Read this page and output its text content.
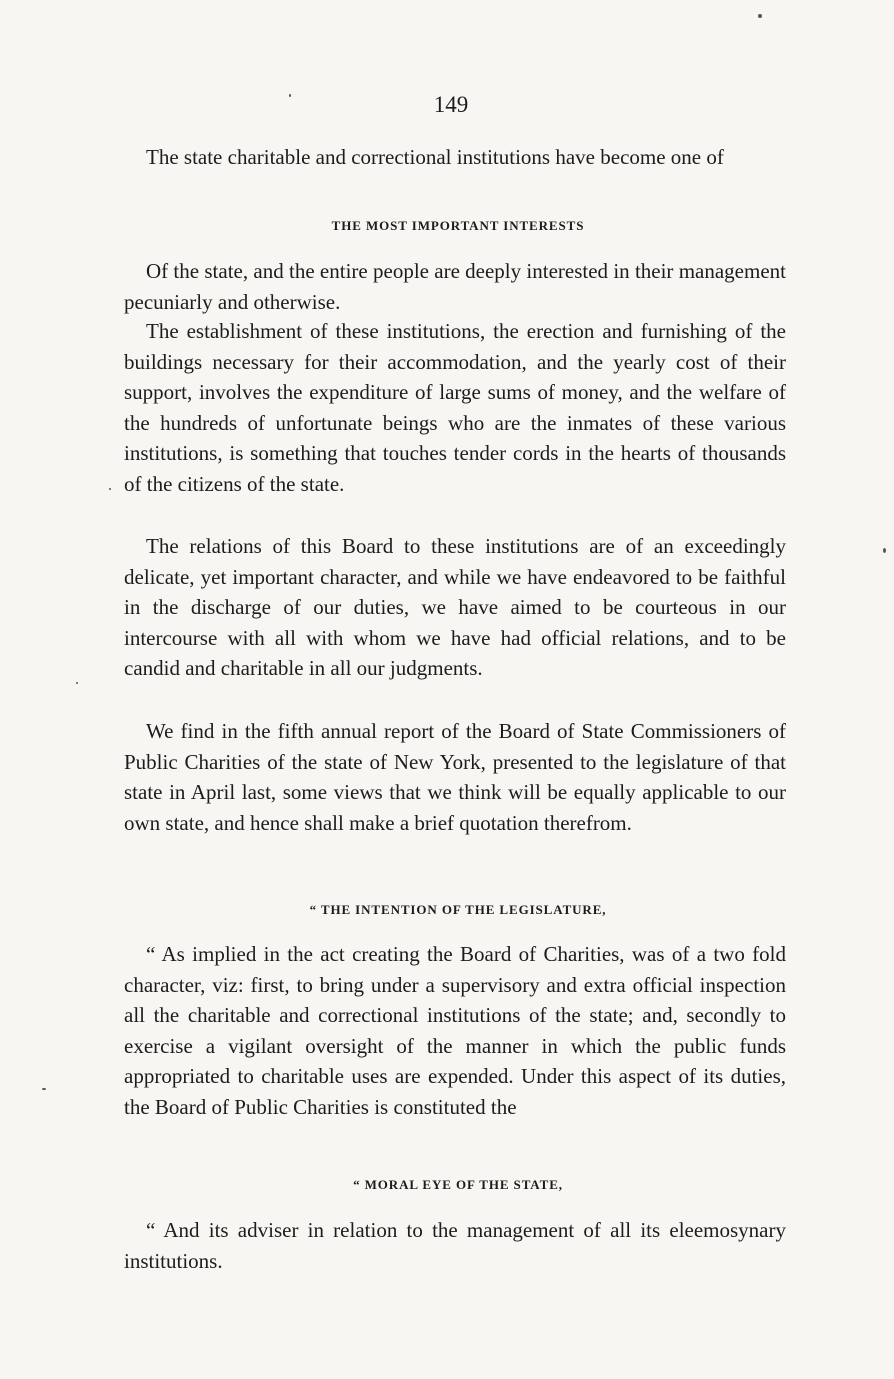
149

The state charitable and correctional institutions have become one of

THE MOST IMPORTANT INTERESTS

Of the state, and the entire people are deeply interested in their management pecuniarly and otherwise.

The establishment of these institutions, the erection and furnishing of the buildings necessary for their accommodation, and the yearly cost of their support, involves the expenditure of large sums of money, and the welfare of the hundreds of unfortunate beings who are the inmates of these various institutions, is something that touches tender cords in the hearts of thousands of the citizens of the state.

The relations of this Board to these institutions are of an exceedingly delicate, yet important character, and while we have endeavored to be faithful in the discharge of our duties, we have aimed to be courteous in our intercourse with all with whom we have had official relations, and to be candid and charitable in all our judgments.

We find in the fifth annual report of the Board of State Commissioners of Public Charities of the state of New York, presented to the legislature of that state in April last, some views that we think will be equally applicable to our own state, and hence shall make a brief quotation therefrom.

“ THE INTENTION OF THE LEGISLATURE,

“ As implied in the act creating the Board of Charities, was of a two fold character, viz: first, to bring under a supervisory and extra official inspection all the charitable and correctional institutions of the state; and, secondly to exercise a vigilant oversight of the manner in which the public funds appropriated to charitable uses are expended. Under this aspect of its duties, the Board of Public Charities is constituted the

“ MORAL EYE OF THE STATE,

“ And its adviser in relation to the management of all its eleemosynary institutions.
